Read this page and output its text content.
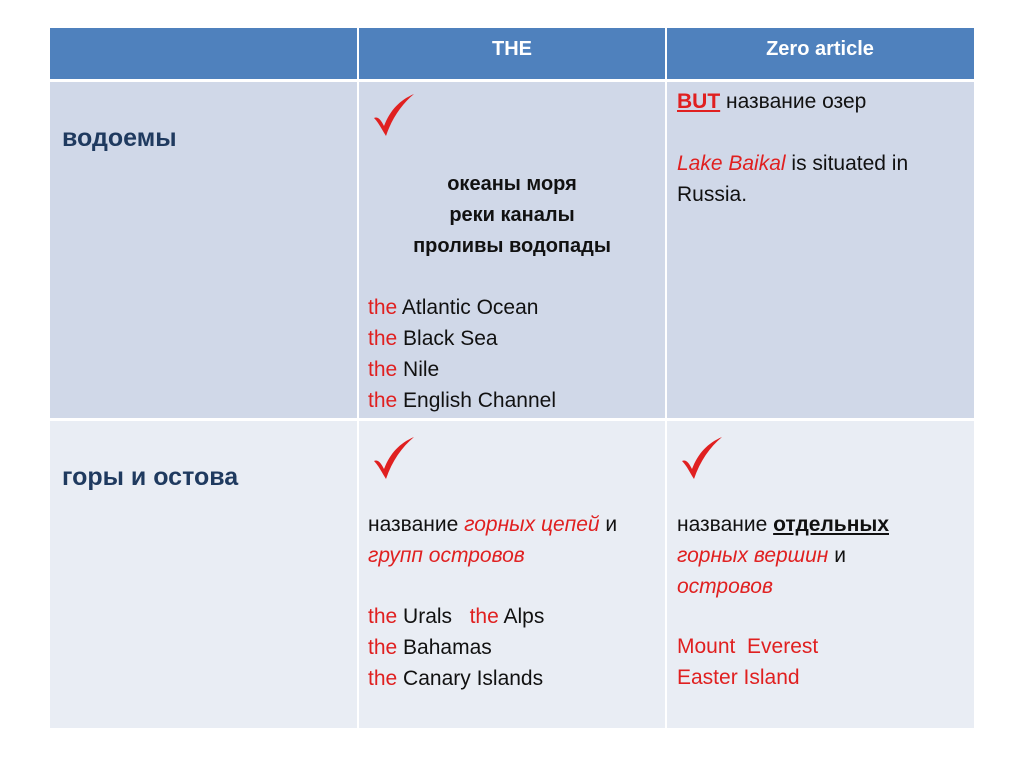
THE	Zero article
водоемы
океаны моря
реки каналы
проливы водопады
the Atlantic Ocean
the Black Sea
the Nile
the English Channel
BUT название озер
Lake Baikal is situated in
Russia.
горы и остова
название горных цепей и
групп островов
the Urals the Alps
the Bahamas
the Canary Islands
название отдельных
горных вершин и
островов
Mount  Everest
Easter Island
